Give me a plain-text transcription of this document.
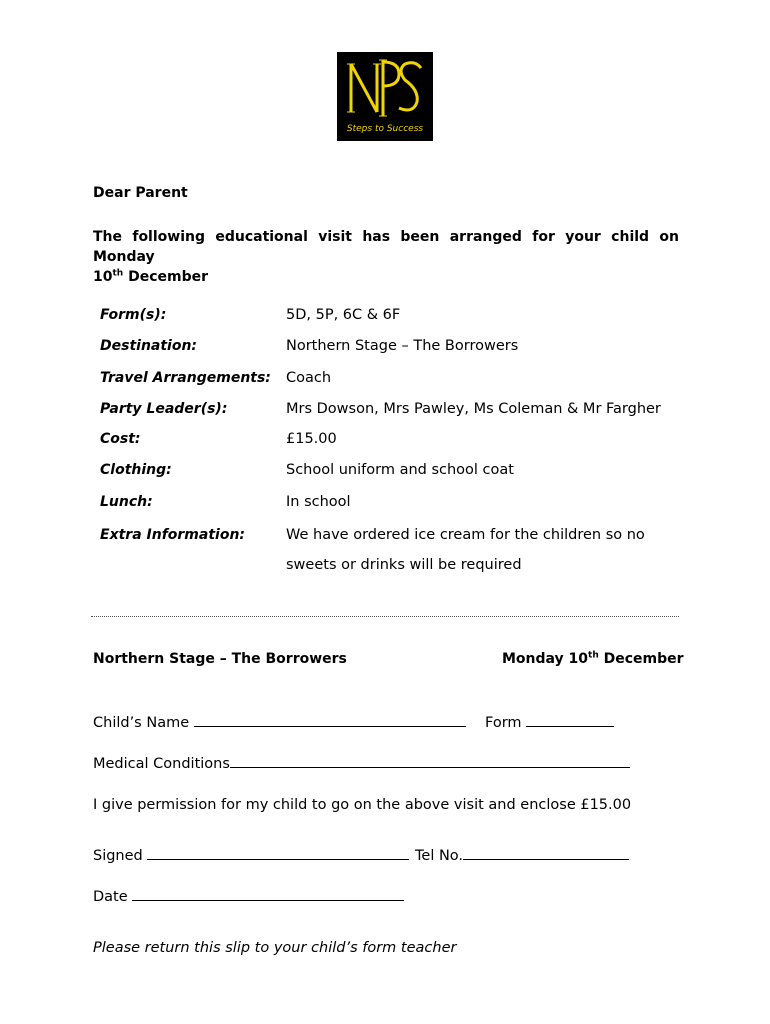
Steps to Success
Dear Parent
The following educational visit has been arranged for your child on Monday
10th December
Form(s):	5D, 5P, 6C & 6F
Destination:	Northern Stage – The Borrowers
Travel Arrangements: Coach
Party Leader(s):	Mrs Dowson, Mrs Pawley, Ms Coleman & Mr Fargher
Cost:	£15.00
Clothing:	School uniform and school coat
Lunch:	In school
Extra Information:	We have ordered ice cream for the children so no
sweets or drinks will be required
Northern Stage – The Borrowers	Monday 10th December
Child’s Name	Form
Medical Conditions
I give permission for my child to go on the above visit and enclose £15.00
Signed	Tel No.
Date
Please return this slip to your child’s form teacher
